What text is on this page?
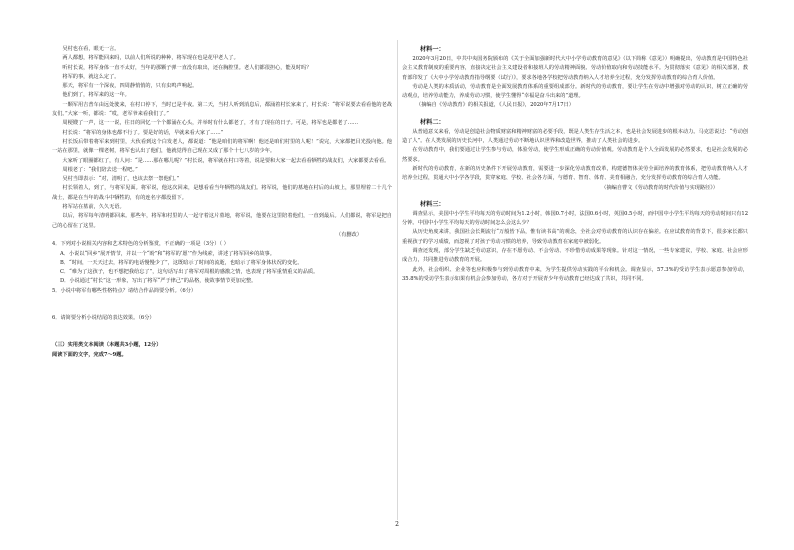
吴村也在看，眼无一言。

两人都想，将军能回来吗，以前人们所说的种种，将军现在也是花甲老人了。

听村长说，将军身体一直不太好，当年的那颗子弹一直没有取出，还在胸腔里。老人们都很担心，能及时吗？

将军的事，就这么定了。

那天，将军有一个深夜，四周静悄悄的，只有虫鸣声响起。

他们到了，将军来的这一年。

一颗军用吉普车由远处驶来，在村口停下，当时已是半夜。第二天，当村人听到消息后，都涌着村长家来了，村长说：“将军说要去看看他的老战友们。”大家一听，都说：“哎，老军爷来看我们了。”

周梗嫂了一声，这一一说，往日的回忆一个个都涌在心头，并举时有什么都老了，才有了现在的日子。可是，将军也是都老了……

村长说：“将军的身体也都不行了。要是好的话，早就来看大家了……”

村长饭后带着将军来到村里，大伙看到这个白发老人，都说道：“他是咱们的将军啊！他还是咱们村里的人呢！”说完，大家都把目光投向他。他一站在那里，就像一棵老树，将军也认出了他们，他就觉得自己现在又成了那个十七八岁的少年。

大家听了眼圈都红了，有人问：“是……那在哪儿呢？”村长说，将军就在村口等着，说是要和大家一起去看看牺牲的战友们，大家都要去看看。

周根老了：“我们陪去送一程吧。”

吴村当即表示：“对，清明了，也该去祭一祭他们。”

村长领着人，到了，与将军见面。将军说，他这次回来，是想看看当年牺牲的战友们。将军说，他们的墓地在村后的山坡上，那里埋着二十几个战士，都是在当年的战斗中牺牲的，有的连名字都没留下。

将军站在墓前，久久无语。

以后，将军每年清明都回来。那些年，将军和村里的人一起守着这片墓地，将军说，他要在这里陪着他们，一直到最后。人们都说，将军是把自己的心留在了这里。

（有删改）

4．下列对小说相关内容和艺术特色的分析鉴赏，不正确的一项是（3分）（ ）

A．小说以“回乡”展开情节，并以一个“盼”和“将军的‘愿’”作为线索，讲述了将军回乡的故事。

B．“时间，一天天过去，将军的电话慢慢少了”，这既暗示了时间的流逝，也暗示了将军身体状况的变化。

C．“难为了这孩子，也不想把我给忘了”，这句话写出了将军对周根的感激之情，也表现了将军重情重义的品质。

D．小说通过“村长”这一形象，写出了将军“严于律己”的品格，使故事情节更加完整。

5．小说中将军有哪些性格特点？请结合作品简要分析。（6分）

6．请简要分析小说结尾的表达效果。（6分）

（三）实用类文本阅读（本题共3小题，12分）

阅读下面的文字，完成7～9题。

材料一：

2020年3月20日，中共中央国务院颁布的《关于全面加强新时代大中小学劳动教育的意见》（以下简称《意见》）明确提出，劳动教育是中国特色社会主义教育制度的重要内容，直接决定社会主义建设者和接班人的劳动精神面貌、劳动价值取向和劳动技能水平。为贯彻落实《意见》的相关部署，教育部印发了《大中小学劳动教育指导纲要（试行）》，要求各地各学校把劳动教育纳入人才培养全过程，充分发挥劳动教育的综合育人价值。

劳动是人类的本质活动，劳动教育是全面发展教育体系的重要组成部分。新时代的劳动教育，要让学生在劳动中增强对劳动的认识，树立正确的劳动观点，培养劳动能力，养成劳动习惯，使学生懂得“幸福是奋斗出来的”道理。

（摘编自《劳动教育》的相关报道，《人民日报》，2020年7月17日）

材料二：

从普通意义来看，劳动是创造社会物质财富和精神财富的必要手段，既是人类生存生活之本，也是社会发展进步的根本动力。马克思说过：“劳动创造了人”。在人类发展的历史长河中，人类通过劳动不断地认识世界和改造世界，推动了人类社会的进步。

在劳动教育中，我们要通过让学生参与劳动，体验劳动，使学生形成正确的劳动价值观。劳动教育是个人全面发展的必然要求，也是社会发展的必然要求。

新时代的劳动教育，在新的历史条件下开展劳动教育，需要进一步深化劳动教育改革，构建德智体美劳全面培养的教育体系，把劳动教育纳入人才培养全过程，贯通大中小学各学段，贯穿家庭、学校、社会各方面，与德育、智育、体育、美育相融合，充分发挥劳动教育的综合育人功能。

（摘编自曹文《劳动教育的时代价值与实现路径》）

材料三：

调查显示，美国中小学生平均每天的劳动时间为1.2小时，韩国0.7小时，法国0.6小时，英国0.5小时，而中国中小学生平均每天的劳动时间只有12分钟。中国中小学生平均每天的劳动时间怎么会这么少？

从历史角度来讲，我国社会长期流行“万般皆下品，惟有读书高”的观念，全社会对劳动教育的认识存在偏差。在应试教育的背景下，很多家长都只重视孩子的学习成绩，而忽视了对孩子劳动习惯的培养，导致劳动教育在家庭中被弱化。

调查还发现，部分学生缺乏劳动意识，存在不愿劳动、不会劳动、不珍惜劳动成果等现象。针对这一情况，一些专家建议，学校、家庭、社会应形成合力，共同推进劳动教育的开展。

此外，社会组织、企业等也应积极参与到劳动教育中来，为学生提供劳动实践的平台和机会。调查显示，57.3%的受访学生表示愿意参加劳动，35.8%的受访学生表示如果有机会会参加劳动，各方对于开展青少年劳动教育已经达成了共识，共同不同。

2
